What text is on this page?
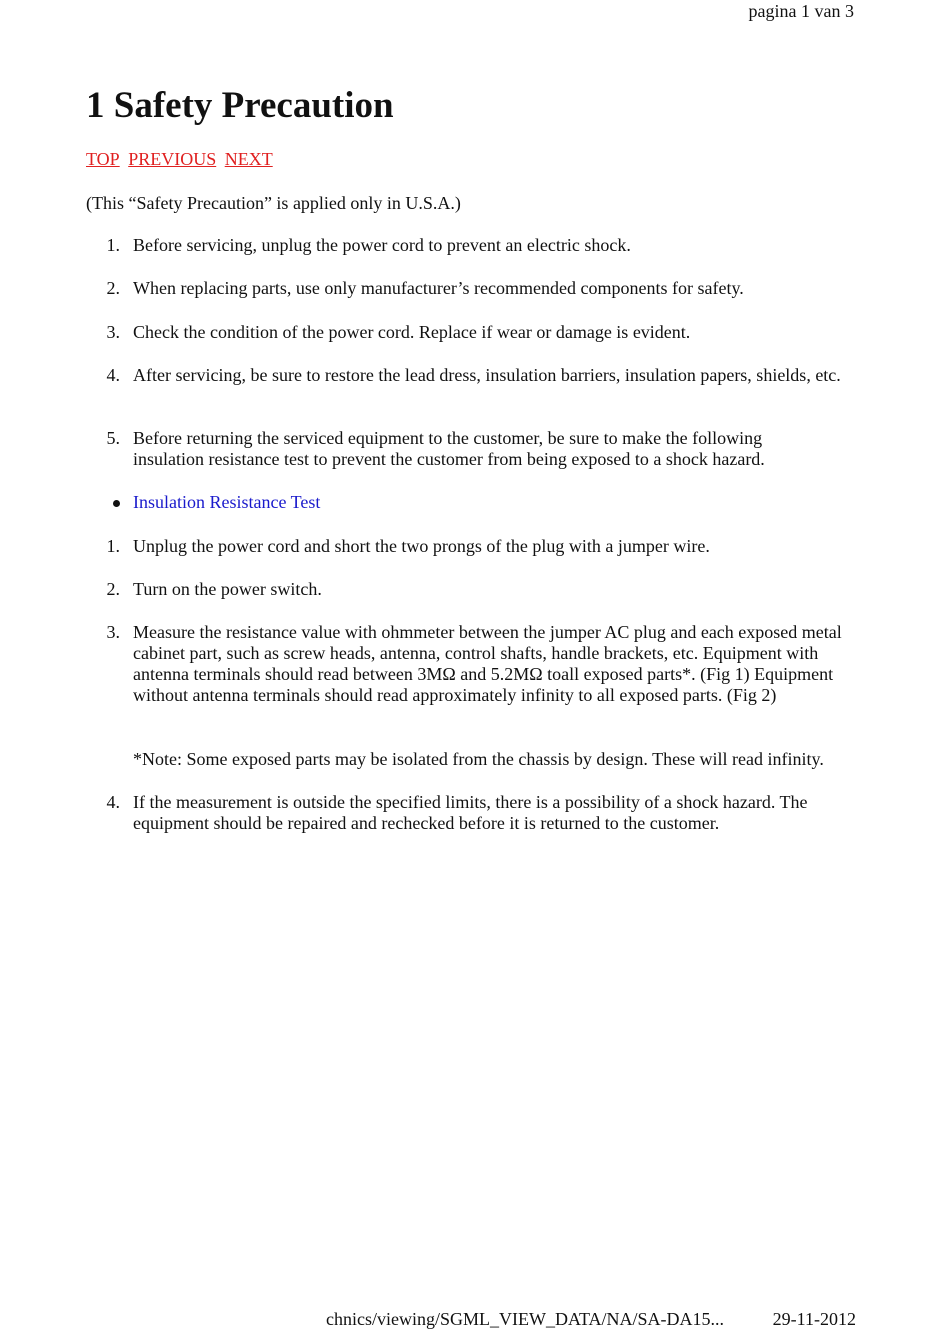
pagina 1 van 3
1 Safety Precaution
TOP PREVIOUS NEXT

(This “Safety Precaution” is applied only in U.S.A.)

1. Before servicing, unplug the power cord to prevent an electric shock.
2. When replacing parts, use only manufacturer’s recommended components for safety.
3. Check the condition of the power cord. Replace if wear or damage is evident.
4. After servicing, be sure to restore the lead dress, insulation barriers, insulation papers, shields, etc.
5. Before returning the serviced equipment to the customer, be sure to make the following insulation resistance test to prevent the customer from being exposed to a shock hazard.
Insulation Resistance Test
1. Unplug the power cord and short the two prongs of the plug with a jumper wire.
2. Turn on the power switch.
3. Measure the resistance value with ohmmeter between the jumper AC plug and each exposed metal cabinet part, such as screw heads, antenna, control shafts, handle brackets, etc. Equipment with antenna terminals should read between 3MΩ and 5.2MΩ toall exposed parts*. (Fig 1) Equipment without antenna terminals should read approximately infinity to all exposed parts. (Fig 2)
4. If the measurement is outside the specified limits, there is a possibility of a shock hazard. The equipment should be repaired and rechecked before it is returned to the customer.
*Note: Some exposed parts may be isolated from the chassis by design. These will read infinity.
chnics/viewing/SGML_VIEW_DATA/NA/SA-DA15...	29-11-2012
